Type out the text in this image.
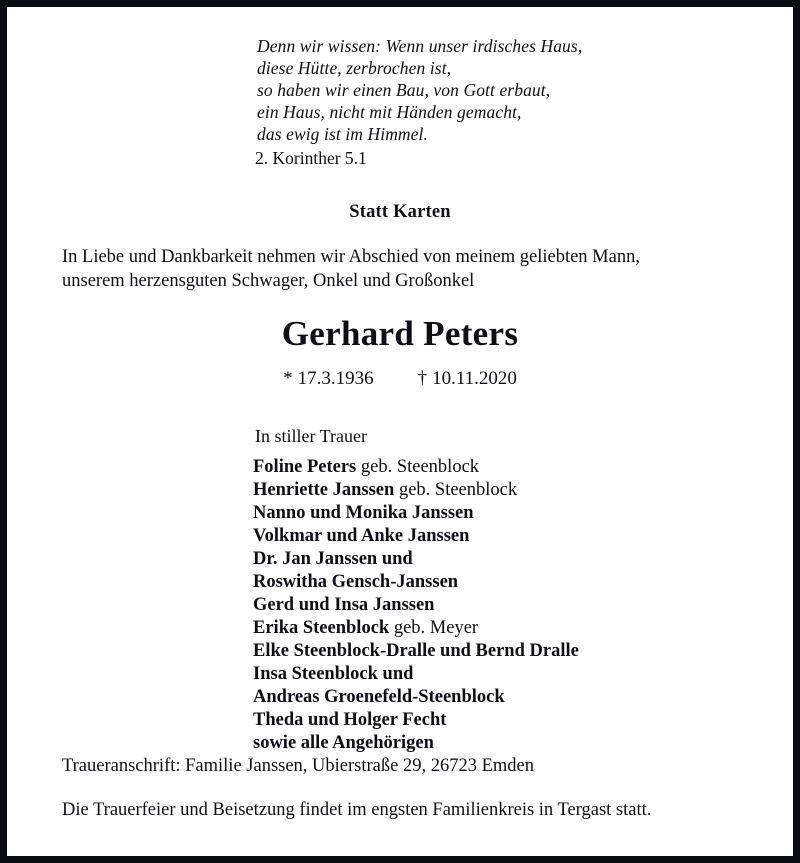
Denn wir wissen: Wenn unser irdisches Haus,
diese Hütte, zerbrochen ist,
so haben wir einen Bau, von Gott erbaut,
ein Haus, nicht mit Händen gemacht,
das ewig ist im Himmel.
2. Korinther 5.1
Statt Karten
In Liebe und Dankbarkeit nehmen wir Abschied von meinem geliebten Mann,
unserem herzensguten Schwager, Onkel und Großonkel
Gerhard Peters
* 17.3.1936 † 10.11.2020
In stiller Trauer
Foline Peters geb. Steenblock
Henriette Janssen geb. Steenblock
Nanno und Monika Janssen
Volkmar und Anke Janssen
Dr. Jan Janssen und
Roswitha Gensch-Janssen
Gerd und Insa Janssen
Erika Steenblock geb. Meyer
Elke Steenblock-Dralle und Bernd Dralle
Insa Steenblock und
Andreas Groenefeld-Steenblock
Theda und Holger Fecht
sowie alle Angehörigen
Traueranschrift: Familie Janssen, Ubierstraße 29, 26723 Emden
Die Trauerfeier und Beisetzung findet im engsten Familienkreis in Tergast statt.
